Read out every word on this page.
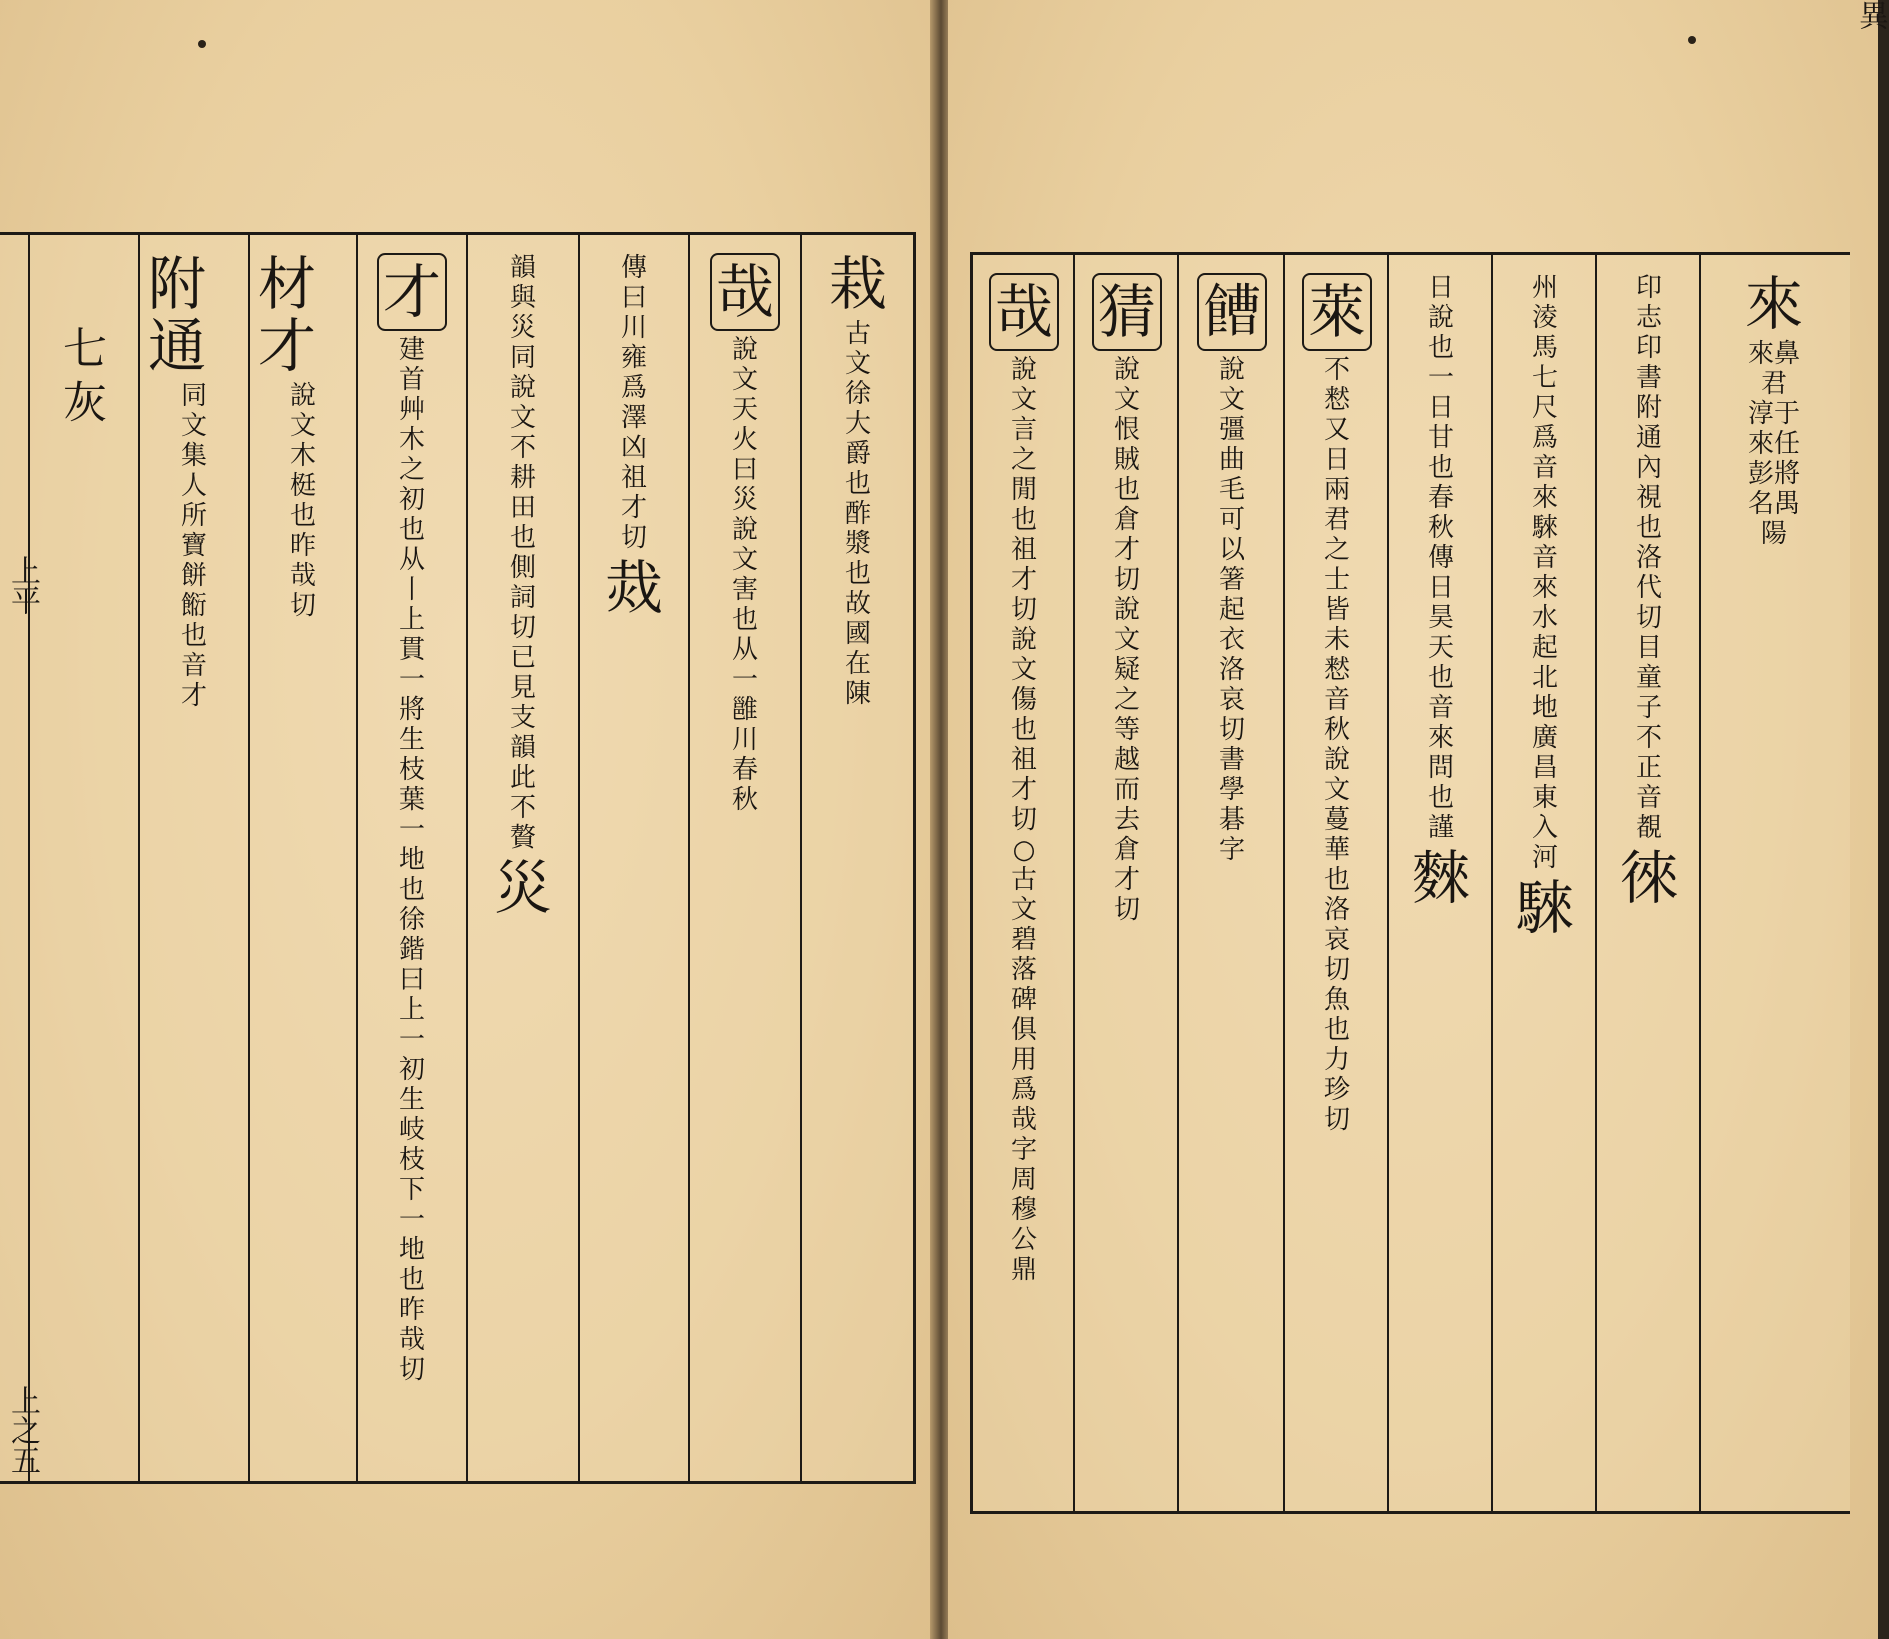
附通
同文集 人所寶 餅餰也 音才
材才
說文木梃也昨哉切
才
建首艸木之初也从丨上貫一將生枝葉一地也徐鍇曰上一初生岐枝下一地也昨哉切
韻與災同說文不耕田也側詞切已見支韻此不贅
災
傳曰川雍爲澤凶祖才切
烖
哉
說文天火曰災說文害也从一雝川春秋
栽
古文 徐 大爵也 酢漿也 故國在陳
七灰
上平
上之五
異
哉
說文言之閒也祖才切 說文傷也祖才切○古文碧落碑俱用爲哉字 周穆公鼎
猜
說文恨賊也倉才切 說文疑之等越 而去倉才切
𩞄
說文彊曲毛可以箸起衣洛哀切 書學 碁字
萊
不慭又日兩君之士皆未慭音秋 說文蔓華也洛哀切 魚也力珍切
日說也一日甘也春秋傳日昊天 也音來 問也謹
麳
州淩馬七尺爲 音來 騋音來 水起北地廣昌東入河
騋
印 志 印書 附通 內視也 洛代切 目童子不正音覩
徠
來
來鼻君 淳于 來任 彭將 名禺 陽
